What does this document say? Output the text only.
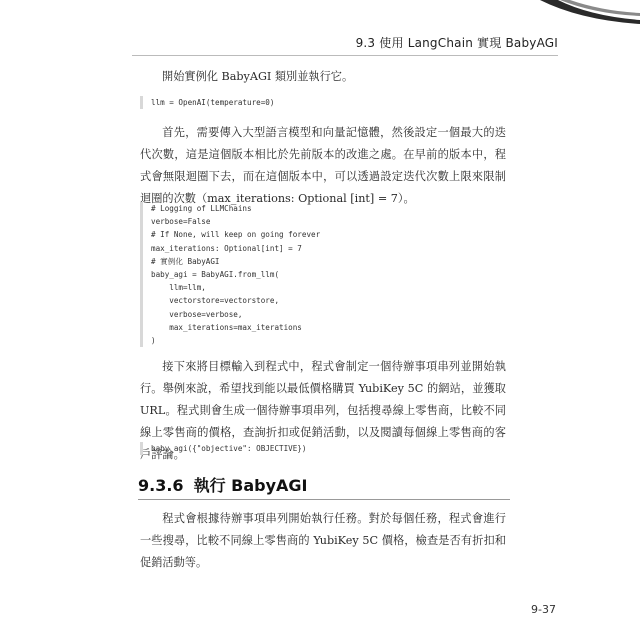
9.3 使用 LangChain 實現 BabyAGI
開始實例化 BabyAGI 類別並執行它。
llm = OpenAI(temperature=0)
首先，需要傳入大型語言模型和向量記憶體，然後設定一個最大的迭代次數，這是這個版本相比於先前版本的改進之處。在早前的版本中，程式會無限迴圈下去，而在這個版本中，可以透過設定迭代次數上限來限制迴圈的次數（max_iterations: Optional [int] = 7）。
# Logging of LLMChains
verbose=False
# If None, will keep on going forever
max_iterations: Optional[int] = 7
# 實例化 BabyAGI
baby_agi = BabyAGI.from_llm(
llm=llm,
vectorstore=vectorstore,
verbose=verbose,
max_iterations=max_iterations
)
接下來將目標輸入到程式中，程式會制定一個待辦事項串列並開始執行。舉例來說，希望找到能以最低價格購買 YubiKey 5C 的網站，並獲取 URL。程式則會生成一個待辦事項串列，包括搜尋線上零售商，比較不同線上零售商的價格，查詢折扣或促銷活動，以及閱讀每個線上零售商的客戶評論。
baby_agi({"objective": OBJECTIVE})
9.3.6 執行 BabyAGI
程式會根據待辦事項串列開始執行任務。對於每個任務，程式會進行一些搜尋，比較不同線上零售商的 YubiKey 5C 價格，檢查是否有折扣和促銷活動等。
9-37
